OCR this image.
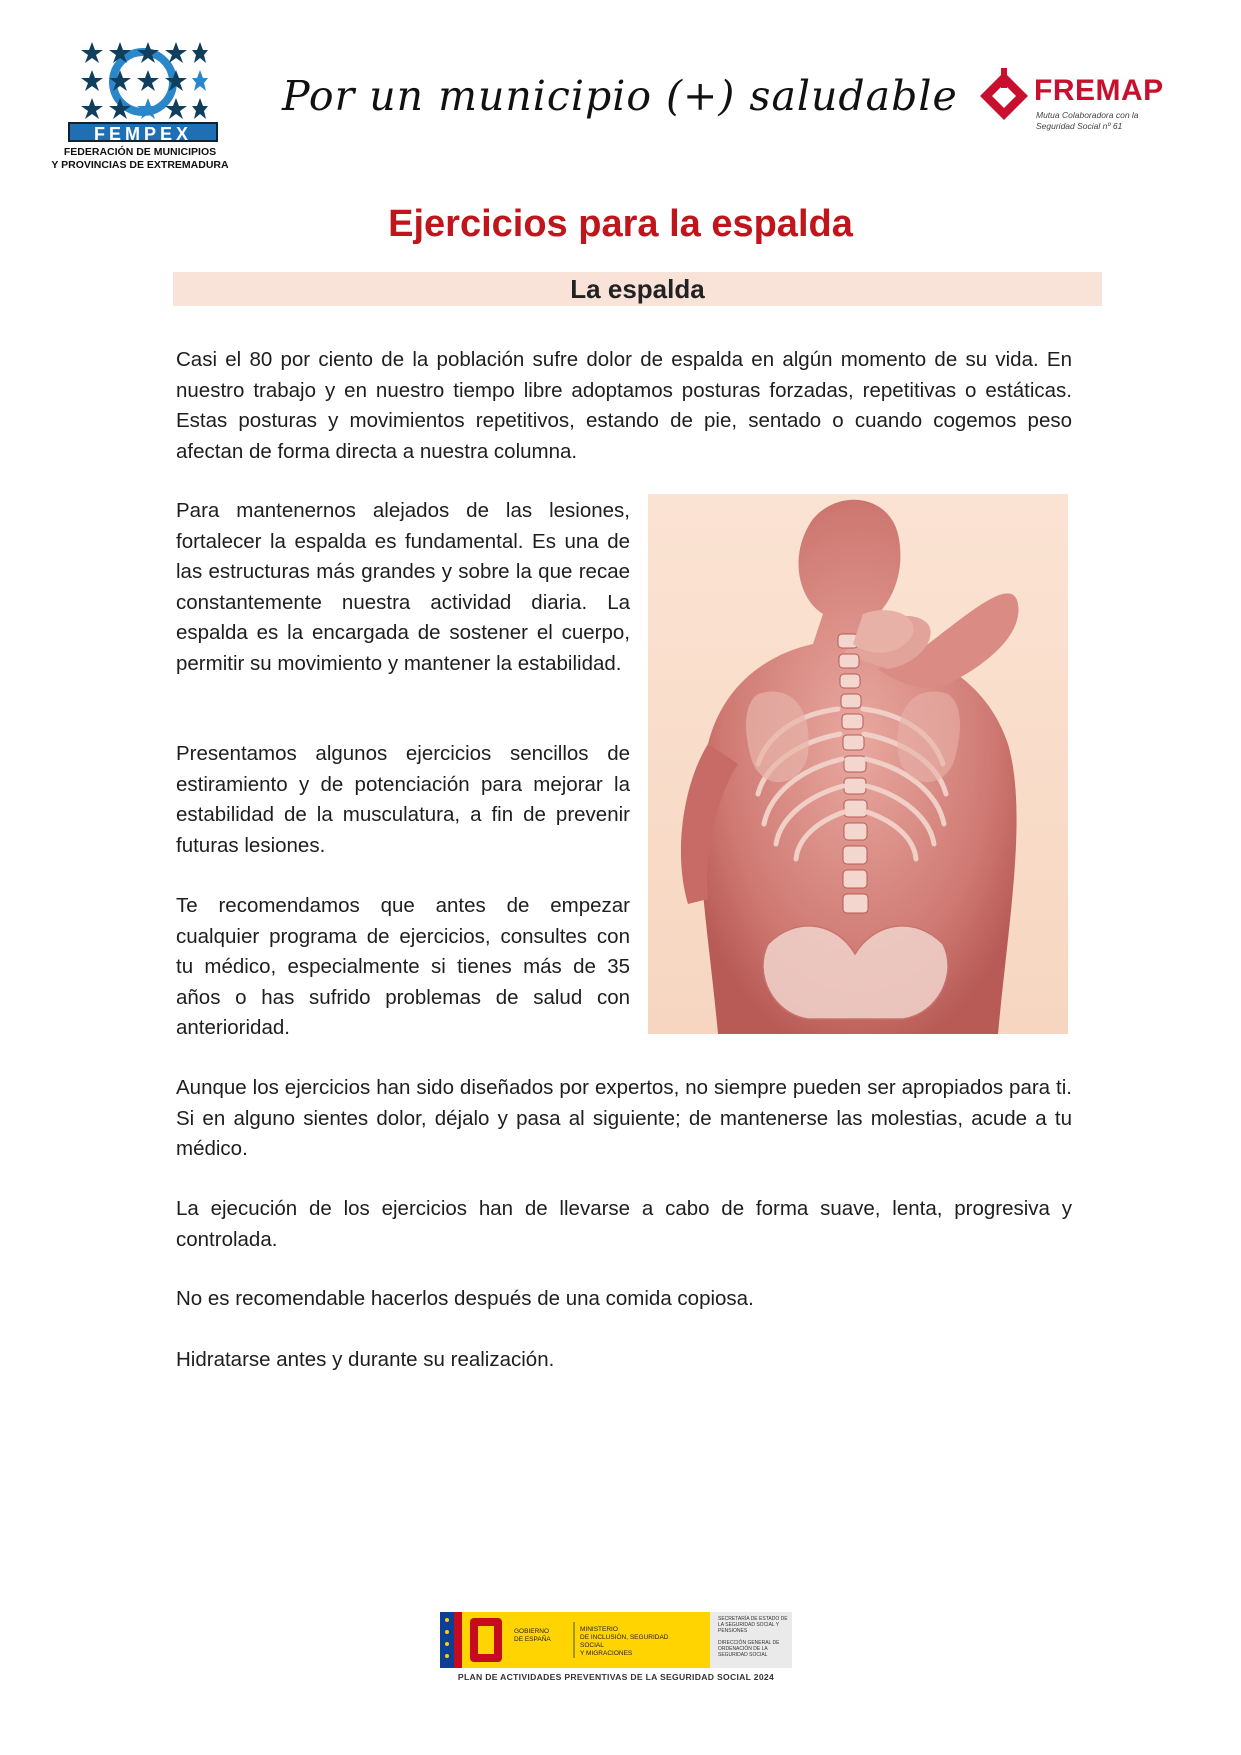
FEMPEX
FEDERACIÓN DE MUNICIPIOS
Y PROVINCIAS DE EXTREMADURA
Por un municipio (+) saludable	FREMAP
Mutua Colaboradora con la
Seguridad Social nº 61
Ejercicios para la espalda
La espalda
Casi el 80 por ciento de la población sufre dolor de espalda en algún momento de su vida. En nuestro trabajo y en nuestro tiempo libre adoptamos posturas forzadas, repetitivas o estáticas. Estas posturas y movimientos repetitivos, estando de pie, sentado o cuando cogemos peso afectan de forma directa a nuestra columna.
Para mantenernos alejados de las lesiones, fortalecer la espalda es fundamental. Es una de las estructuras más grandes y sobre la que recae constantemente nuestra actividad diaria. La espalda es la encargada de sostener el cuerpo, permitir su movimiento y mantener la estabilidad.
Presentamos algunos ejercicios sencillos de estiramiento y de potenciación para mejorar la estabilidad de la musculatura, a fin de prevenir futuras lesiones.
Te recomendamos que antes de empezar cualquier programa de ejercicios, consultes con tu médico, especialmente si tienes más de 35 años o has sufrido problemas de salud con anterioridad.
Aunque los ejercicios han sido diseñados por expertos, no siempre pueden ser apropiados para ti. Si en alguno sientes dolor, déjalo y pasa al siguiente; de mantenerse las molestias, acude a tu médico.
La ejecución de los ejercicios han de llevarse a cabo de forma suave, lenta, progresiva y controlada.
No es recomendable hacerlos después de una comida copiosa.
Hidratarse antes y durante su realización.
GOBIERNO
DE ESPAÑA
MINISTERIO
DE INCLUSIÓN, SEGURIDAD SOCIAL
Y MIGRACIONES
SECRETARÍA DE ESTADO DE LA SEGURIDAD SOCIAL Y PENSIONES
DIRECCIÓN GENERAL DE ORDENACIÓN DE LA SEGURIDAD SOCIAL
PLAN DE ACTIVIDADES PREVENTIVAS DE LA SEGURIDAD SOCIAL 2024
